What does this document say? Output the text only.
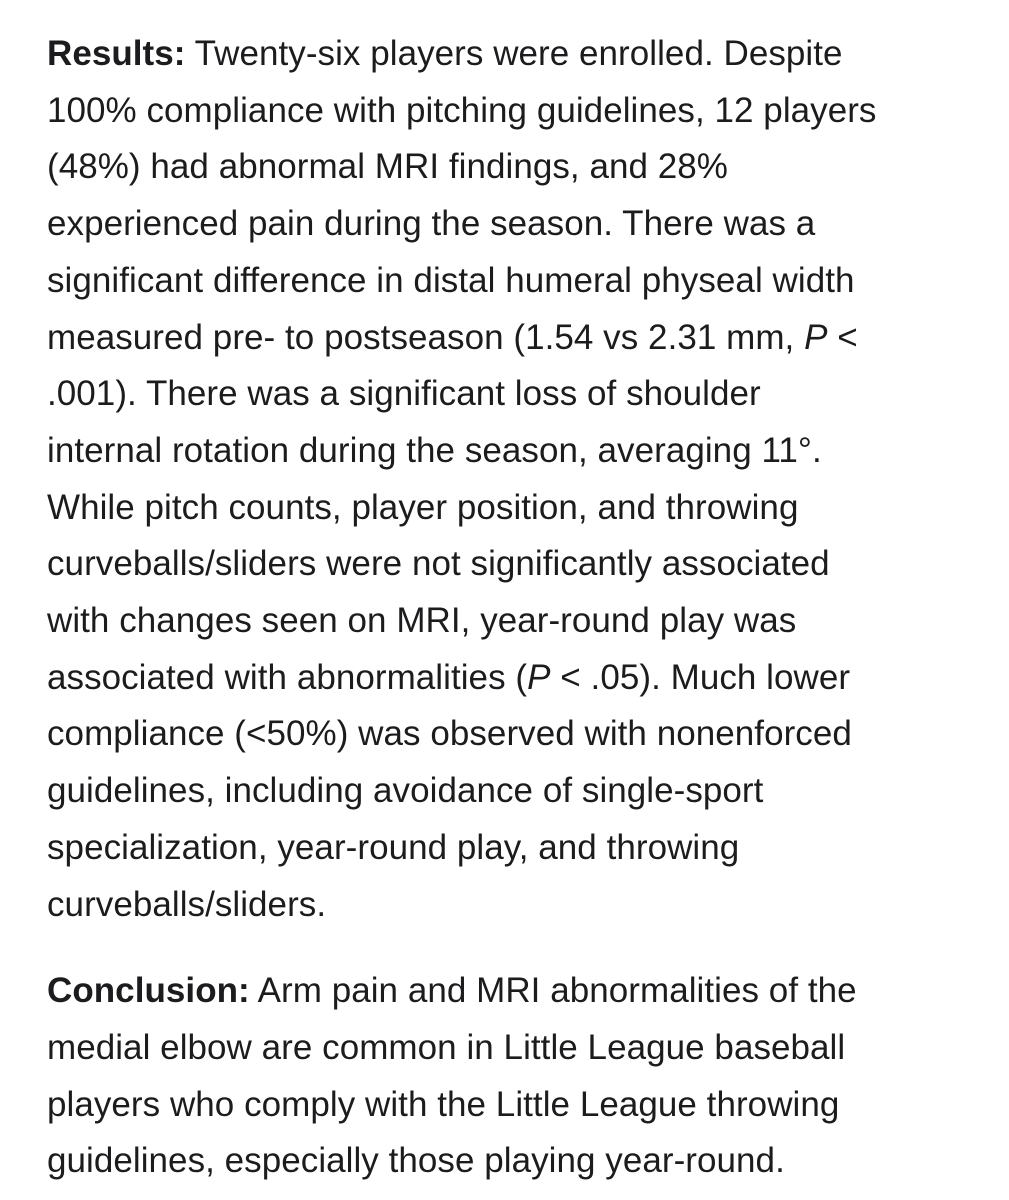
Results: Twenty-six players were enrolled. Despite
100% compliance with pitching guidelines, 12 players
(48%) had abnormal MRI findings, and 28%
experienced pain during the season. There was a
significant difference in distal humeral physeal width
measured pre- to postseason (1.54 vs 2.31 mm, P <
.001). There was a significant loss of shoulder
internal rotation during the season, averaging 11°.
While pitch counts, player position, and throwing
curveballs/sliders were not significantly associated
with changes seen on MRI, year-round play was
associated with abnormalities (P < .05). Much lower
compliance (<50%) was observed with nonenforced
guidelines, including avoidance of single-sport
specialization, year-round play, and throwing
curveballs/sliders.

Conclusion: Arm pain and MRI abnormalities of the
medial elbow are common in Little League baseball
players who comply with the Little League throwing
guidelines, especially those playing year-round.
